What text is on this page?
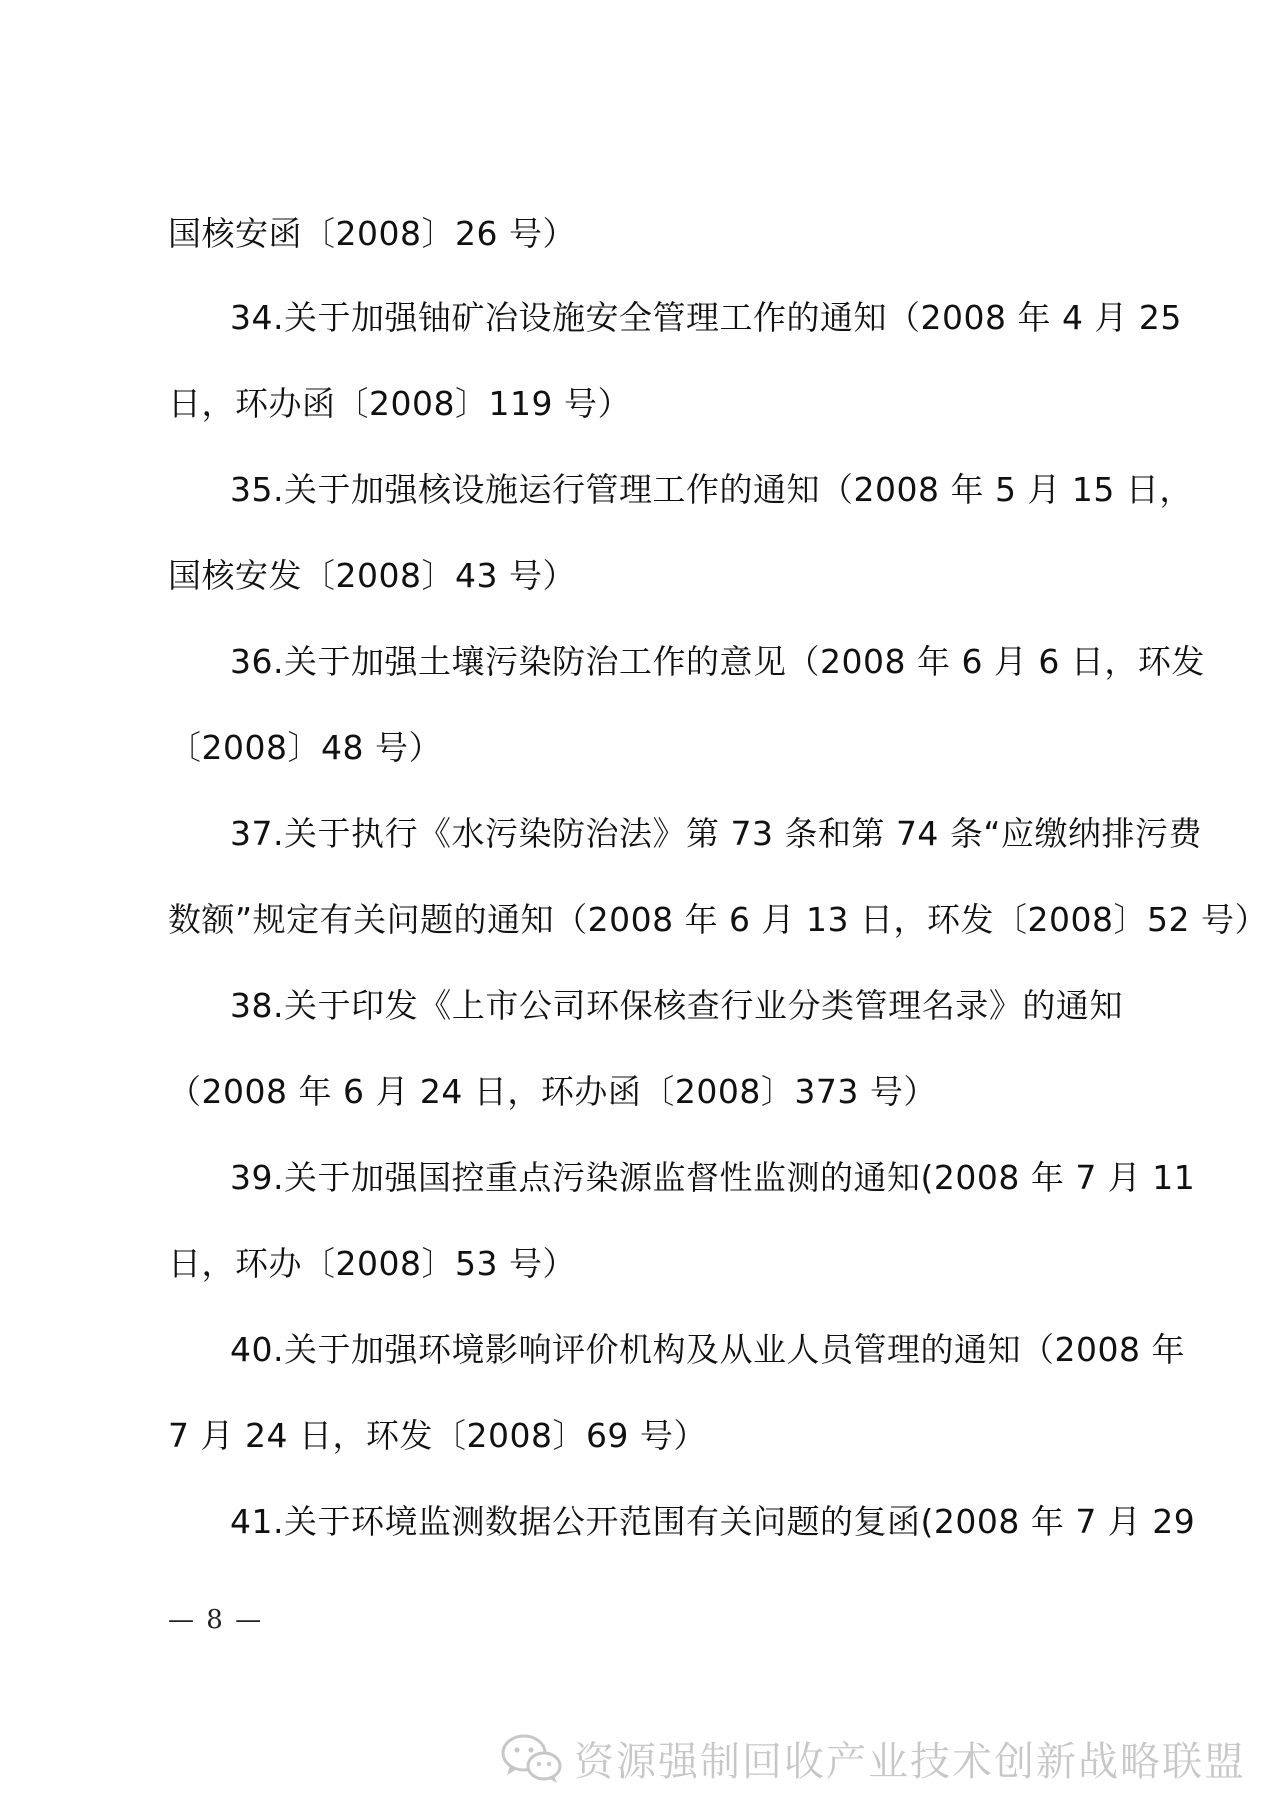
国核安函〔2008〕26 号）
34.关于加强铀矿冶设施安全管理工作的通知（2008 年 4 月 25
日，环办函〔2008〕119 号）
35.关于加强核设施运行管理工作的通知（2008 年 5 月 15 日，
国核安发〔2008〕43 号）
36.关于加强土壤污染防治工作的意见（2008 年 6 月 6 日，环发
〔2008〕48 号）
37.关于执行《水污染防治法》第 73 条和第 74 条“应缴纳排污费
数额”规定有关问题的通知（2008 年 6 月 13 日，环发〔2008〕52 号）
38.关于印发《上市公司环保核查行业分类管理名录》的通知
（2008 年 6 月 24 日，环办函〔2008〕373 号）
39.关于加强国控重点污染源监督性监测的通知(2008 年 7 月 11
日，环办〔2008〕53 号）
40.关于加强环境影响评价机构及从业人员管理的通知（2008 年
7 月 24 日，环发〔2008〕69 号）
41.关于环境监测数据公开范围有关问题的复函(2008 年 7 月 29
— 8 —
资源强制回收产业技术创新战略联盟
